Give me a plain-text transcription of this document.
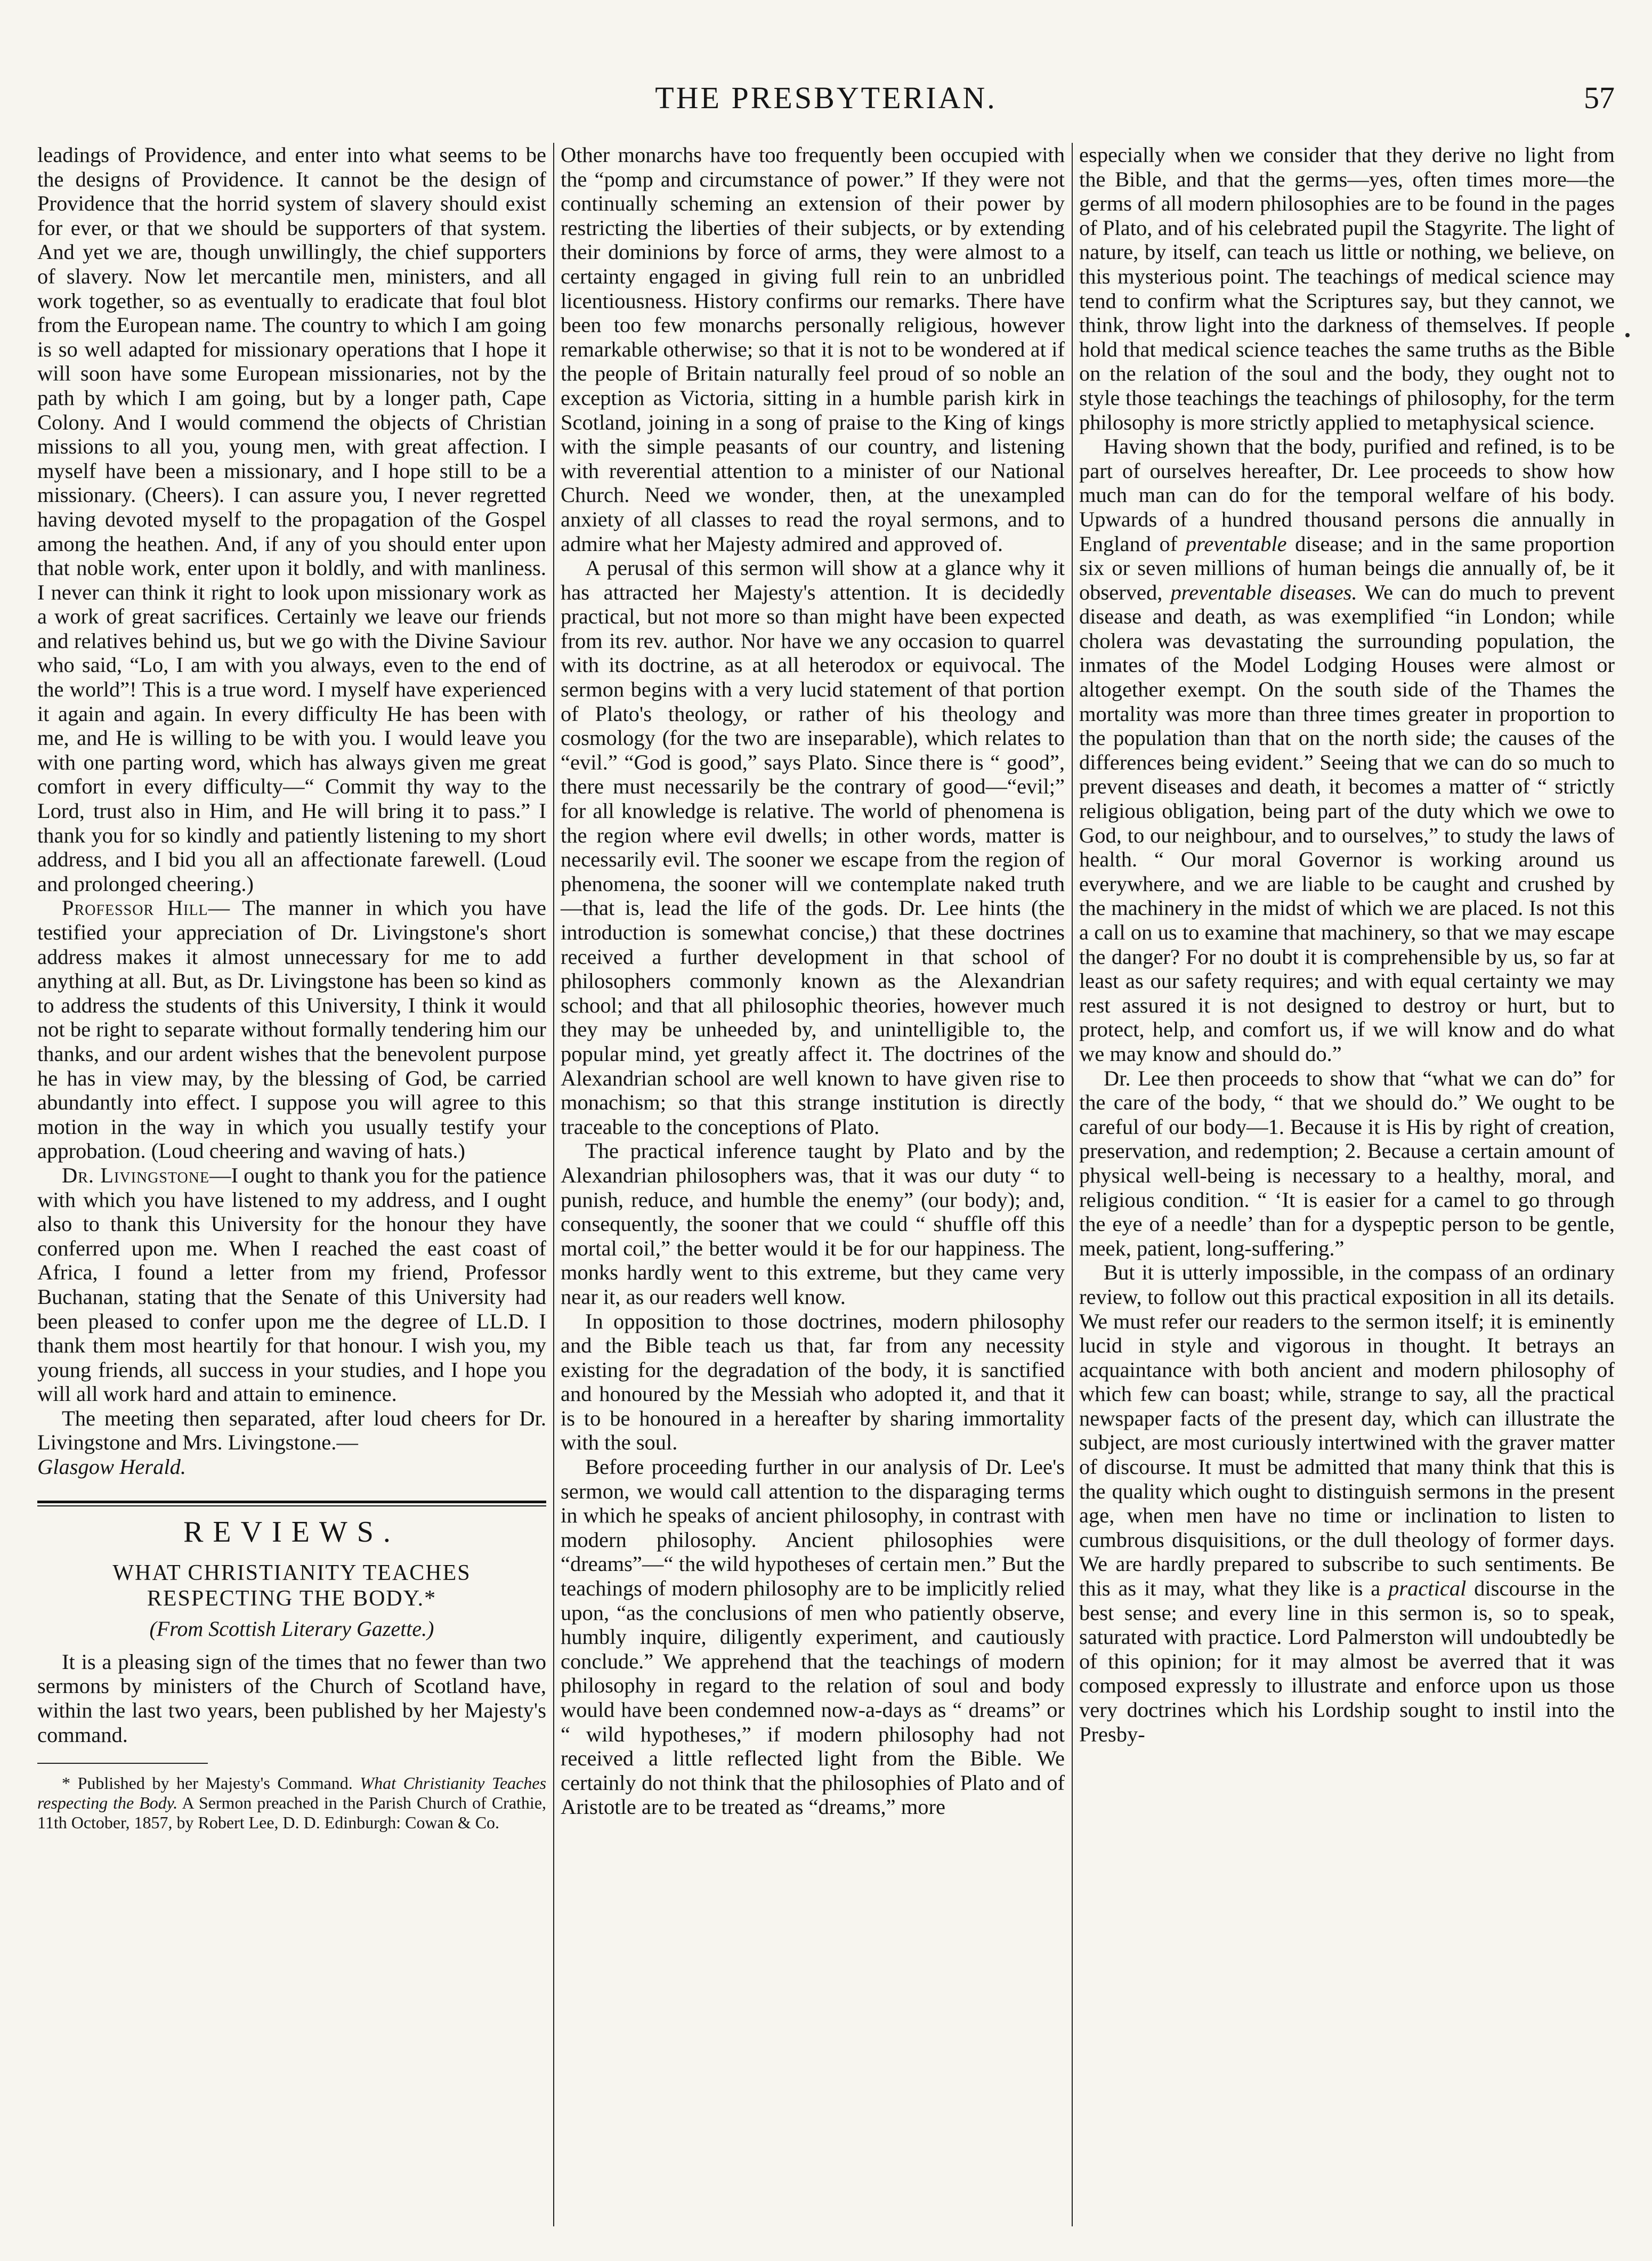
THE PRESBYTERIAN.	57

leadings of Providence, and enter into what seems to be the designs of Providence. It cannot be the design of Providence that the horrid system of slavery should exist for ever, or that we should be supporters of that system. And yet we are, though unwillingly, the chief supporters of slavery. Now let mercantile men, ministers, and all work together, so as eventually to eradicate that foul blot from the European name. The country to which I am going is so well adapted for missionary operations that I hope it will soon have some European missionaries, not by the path by which I am going, but by a longer path, Cape Colony. And I would commend the objects of Christian missions to all you, young men, with great affection. I myself have been a missionary, and I hope still to be a missionary. (Cheers). I can assure you, I never regretted having devoted myself to the propagation of the Gospel among the heathen. And, if any of you should enter upon that noble work, enter upon it boldly, and with manliness. I never can think it right to look upon missionary work as a work of great sacrifices. Certainly we leave our friends and relatives behind us, but we go with the Divine Saviour who said, “Lo, I am with you always, even to the end of the world”! This is a true word. I myself have experienced it again and again. In every difficulty He has been with me, and He is willing to be with you. I would leave you with one parting word, which has always given me great comfort in every difficulty—“ Commit thy way to the Lord, trust also in Him, and He will bring it to pass.” I thank you for so kindly and patiently listening to my short address, and I bid you all an affectionate farewell. (Loud and prolonged cheering.)

Professor Hill— The manner in which you have testified your appreciation of Dr. Livingstone's short address makes it almost unnecessary for me to add anything at all. But, as Dr. Livingstone has been so kind as to address the students of this University, I think it would not be right to separate without formally tendering him our thanks, and our ardent wishes that the benevolent purpose he has in view may, by the blessing of God, be carried abundantly into effect. I suppose you will agree to this motion in the way in which you usually testify your approbation. (Loud cheering and waving of hats.)

Dr. Livingstone—I ought to thank you for the patience with which you have listened to my address, and I ought also to thank this University for the honour they have conferred upon me. When I reached the east coast of Africa, I found a letter from my friend, Professor Buchanan, stating that the Senate of this University had been pleased to confer upon me the degree of LL.D. I thank them most heartily for that honour. I wish you, my young friends, all success in your studies, and I hope you will all work hard and attain to eminence.

The meeting then separated, after loud cheers for Dr. Livingstone and Mrs. Livingstone.—
Glasgow Herald.

REVIEWS.
WHAT CHRISTIANITY TEACHES
RESPECTING THE BODY.*
(From Scottish Literary Gazette.)

It is a pleasing sign of the times that no fewer than two sermons by ministers of the Church of Scotland have, within the last two years, been published by her Majesty's command.

* Published by her Majesty's Command. What Christianity Teaches respecting the Body. A Sermon preached in the Parish Church of Crathie, 11th October, 1857, by Robert Lee, D. D. Edinburgh: Cowan & Co.

Other monarchs have too frequently been occupied with the “pomp and circumstance of power.” If they were not continually scheming an extension of their power by restricting the liberties of their subjects, or by extending their dominions by force of arms, they were almost to a certainty engaged in giving full rein to an unbridled licentiousness. History confirms our remarks. There have been too few monarchs personally religious, however remarkable otherwise; so that it is not to be wondered at if the people of Britain naturally feel proud of so noble an exception as Victoria, sitting in a humble parish kirk in Scotland, joining in a song of praise to the King of kings with the simple peasants of our country, and listening with reverential attention to a minister of our National Church. Need we wonder, then, at the unexampled anxiety of all classes to read the royal sermons, and to admire what her Majesty admired and approved of.

A perusal of this sermon will show at a glance why it has attracted her Majesty's attention. It is decidedly practical, but not more so than might have been expected from its rev. author. Nor have we any occasion to quarrel with its doctrine, as at all heterodox or equivocal. The sermon begins with a very lucid statement of that portion of Plato's theology, or rather of his theology and cosmology (for the two are inseparable), which relates to “evil.” “God is good,” says Plato. Since there is “ good”, there must necessarily be the contrary of good—“evil;” for all knowledge is relative. The world of phenomena is the region where evil dwells; in other words, matter is necessarily evil. The sooner we escape from the region of phenomena, the sooner will we contemplate naked truth—that is, lead the life of the gods. Dr. Lee hints (the introduction is somewhat concise,) that these doctrines received a further development in that school of philosophers commonly known as the Alexandrian school; and that all philosophic theories, however much they may be unheeded by, and unintelligible to, the popular mind, yet greatly affect it. The doctrines of the Alexandrian school are well known to have given rise to monachism; so that this strange institution is directly traceable to the conceptions of Plato.

The practical inference taught by Plato and by the Alexandrian philosophers was, that it was our duty “ to punish, reduce, and humble the enemy” (our body); and, consequently, the sooner that we could “ shuffle off this mortal coil,” the better would it be for our happiness. The monks hardly went to this extreme, but they came very near it, as our readers well know.

In opposition to those doctrines, modern philosophy and the Bible teach us that, far from any necessity existing for the degradation of the body, it is sanctified and honoured by the Messiah who adopted it, and that it is to be honoured in a hereafter by sharing immortality with the soul.

Before proceeding further in our analysis of Dr. Lee's sermon, we would call attention to the disparaging terms in which he speaks of ancient philosophy, in contrast with modern philosophy. Ancient philosophies were “dreams”—“ the wild hypotheses of certain men.” But the teachings of modern philosophy are to be implicitly relied upon, “as the conclusions of men who patiently observe, humbly inquire, diligently experiment, and cautiously conclude.” We apprehend that the teachings of modern philosophy in regard to the relation of soul and body would have been condemned now-a-days as “ dreams” or “ wild hypotheses,” if modern philosophy had not received a little reflected light from the Bible. We certainly do not think that the philosophies of Plato and of Aristotle are to be treated as “dreams,” more

especially when we consider that they derive no light from the Bible, and that the germs—yes, often times more—the germs of all modern philosophies are to be found in the pages of Plato, and of his celebrated pupil the Stagyrite. The light of nature, by itself, can teach us little or nothing, we believe, on this mysterious point. The teachings of medical science may tend to confirm what the Scriptures say, but they cannot, we think, throw light into the darkness of themselves. If people hold that medical science teaches the same truths as the Bible on the relation of the soul and the body, they ought not to style those teachings the teachings of philosophy, for the term philosophy is more strictly applied to metaphysical science.

Having shown that the body, purified and refined, is to be part of ourselves hereafter, Dr. Lee proceeds to show how much man can do for the temporal welfare of his body. Upwards of a hundred thousand persons die annually in England of preventable disease; and in the same proportion six or seven millions of human beings die annually of, be it observed, preventable diseases. We can do much to prevent disease and death, as was exemplified “in London; while cholera was devastating the surrounding population, the inmates of the Model Lodging Houses were almost or altogether exempt. On the south side of the Thames the mortality was more than three times greater in proportion to the population than that on the north side; the causes of the differences being evident.” Seeing that we can do so much to prevent diseases and death, it becomes a matter of “ strictly religious obligation, being part of the duty which we owe to God, to our neighbour, and to ourselves,” to study the laws of health. “ Our moral Governor is working around us everywhere, and we are liable to be caught and crushed by the machinery in the midst of which we are placed. Is not this a call on us to examine that machinery, so that we may escape the danger? For no doubt it is comprehensible by us, so far at least as our safety requires; and with equal certainty we may rest assured it is not designed to destroy or hurt, but to protect, help, and comfort us, if we will know and do what we may know and should do.”

Dr. Lee then proceeds to show that “what we can do” for the care of the body, “ that we should do.” We ought to be careful of our body—1. Because it is His by right of creation, preservation, and redemption; 2. Because a certain amount of physical well-being is necessary to a healthy, moral, and religious condition. “ ‘It is easier for a camel to go through the eye of a needle’ than for a dyspeptic person to be gentle, meek, patient, long-suffering.”

But it is utterly impossible, in the compass of an ordinary review, to follow out this practical exposition in all its details. We must refer our readers to the sermon itself; it is eminently lucid in style and vigorous in thought. It betrays an acquaintance with both ancient and modern philosophy of which few can boast; while, strange to say, all the practical newspaper facts of the present day, which can illustrate the subject, are most curiously intertwined with the graver matter of discourse. It must be admitted that many think that this is the quality which ought to distinguish sermons in the present age, when men have no time or inclination to listen to cumbrous disquisitions, or the dull theology of former days. We are hardly prepared to subscribe to such sentiments. Be this as it may, what they like is a practical discourse in the best sense; and every line in this sermon is, so to speak, saturated with practice. Lord Palmerston will undoubtedly be of this opinion; for it may almost be averred that it was composed expressly to illustrate and enforce upon us those very doctrines which his Lordship sought to instil into the Presby-
